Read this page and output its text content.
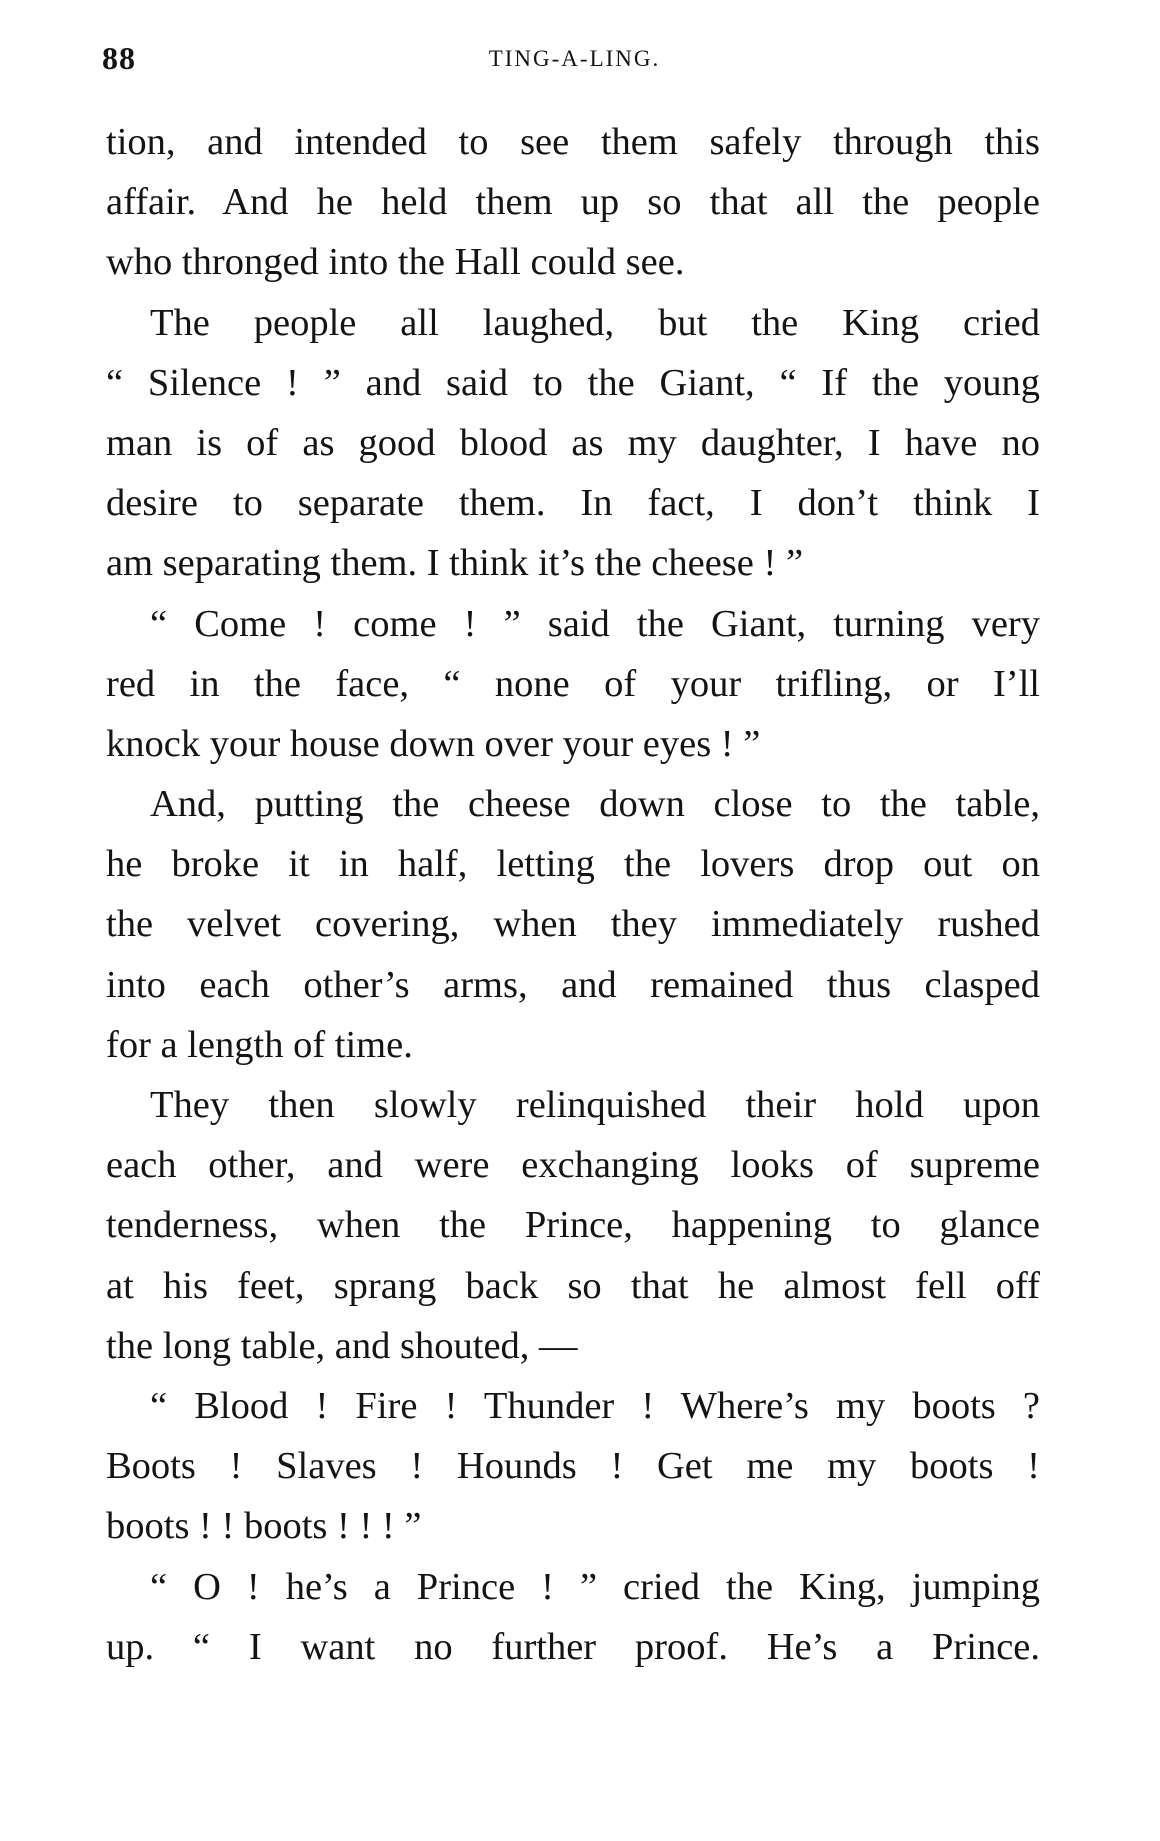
88	TING-A-LING.
tion, and intended to see them safely through this
affair. And he held them up so that all the people
who thronged into the Hall could see.
The people all laughed, but the King cried
“ Silence ! ” and said to the Giant, “ If the young
man is of as good blood as my daughter, I have no
desire to separate them. In fact, I don’t think I
am separating them. I think it’s the cheese ! ”
“ Come ! come ! ” said the Giant, turning very
red in the face, “ none of your trifling, or I’ll
knock your house down over your eyes ! ”
And, putting the cheese down close to the table,
he broke it in half, letting the lovers drop out on
the velvet covering, when they immediately rushed
into each other’s arms, and remained thus clasped
for a length of time.
They then slowly relinquished their hold upon
each other, and were exchanging looks of supreme
tenderness, when the Prince, happening to glance
at his feet, sprang back so that he almost fell off
the long table, and shouted, —
“ Blood ! Fire ! Thunder ! Where’s my boots ?
Boots ! Slaves ! Hounds ! Get me my boots !
boots ! ! boots ! ! ! ”
“ O ! he’s a Prince ! ” cried the King, jumping
up. “ I want no further proof. He’s a Prince.
